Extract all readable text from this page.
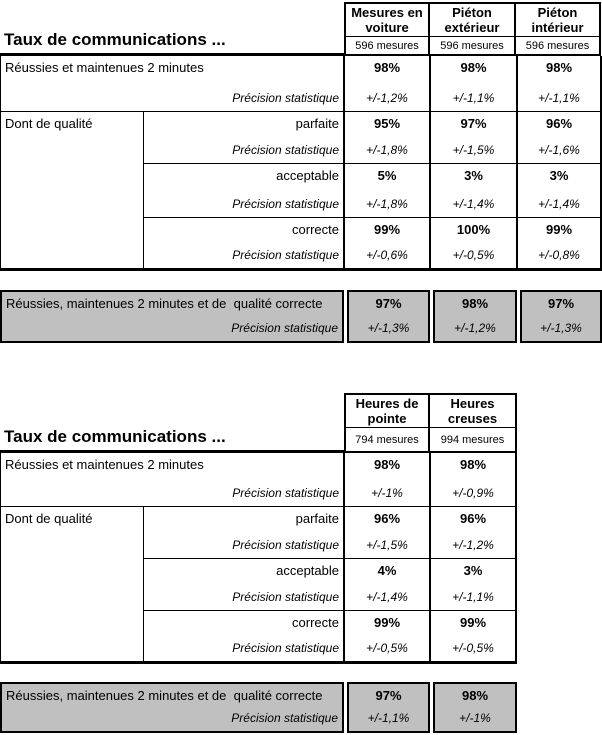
Mesures en voiture
596 mesures
Piéton extérieur
596 mesures
Piéton intérieur
596 mesures
Taux de communications ...
Réussies et maintenues 2 minutes
Précision statistique
98%
+/-1,2%
98%
+/-1,1%
98%
+/-1,1%
Dont de qualité	parfaite
Précision statistique
95%
+/-1,8%
97%
+/-1,5%
96%
+/-1,6%
acceptable
Précision statistique
5%
+/-1,8%
3%
+/-1,4%
3%
+/-1,4%
correcte
Précision statistique
99%
+/-0,6%
100%
+/-0,5%
99%
+/-0,8%
Réussies, maintenues 2 minutes et de  qualité correcte
Précision statistique
97%
+/-1,3%
98%
+/-1,2%
97%
+/-1,3%
Heures de pointe
794 mesures
Heures creuses
994 mesures
Taux de communications ...
Réussies et maintenues 2 minutes
Précision statistique
98%
+/-1%
98%
+/-0,9%
Dont de qualité	parfaite
Précision statistique
96%
+/-1,5%
96%
+/-1,2%
acceptable
Précision statistique
4%
+/-1,4%
3%
+/-1,1%
correcte
Précision statistique
99%
+/-0,5%
99%
+/-0,5%
Réussies, maintenues 2 minutes et de  qualité correcte
Précision statistique
97%
+/-1,1%
98%
+/-1%
